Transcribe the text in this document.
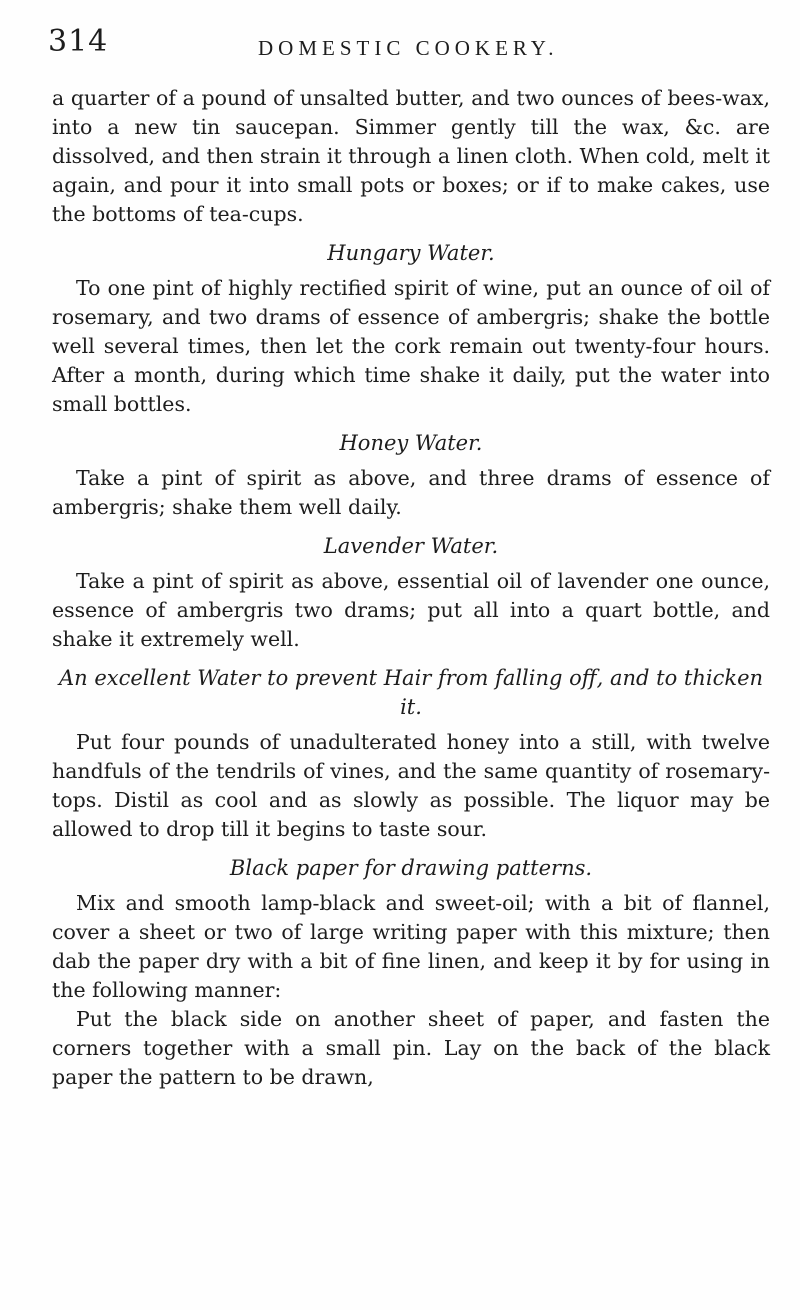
314	DOMESTIC COOKERY.

a quarter of a pound of unsalted butter, and two ounces of bees-wax, into a new tin saucepan. Simmer gently till the wax, &c. are dissolved, and then strain it through a linen cloth. When cold, melt it again, and pour it into small pots or boxes; or if to make cakes, use the bottoms of tea-cups.

Hungary Water.

To one pint of highly rectified spirit of wine, put an ounce of oil of rosemary, and two drams of essence of ambergris; shake the bottle well several times, then let the cork remain out twenty-four hours. After a month, during which time shake it daily, put the water into small bottles.

Honey Water.

Take a pint of spirit as above, and three drams of essence of ambergris; shake them well daily.

Lavender Water.

Take a pint of spirit as above, essential oil of lavender one ounce, essence of ambergris two drams; put all into a quart bottle, and shake it extremely well.

An excellent Water to prevent Hair from falling off, and to thicken it.

Put four pounds of unadulterated honey into a still, with twelve handfuls of the tendrils of vines, and the same quantity of rosemary-tops. Distil as cool and as slowly as possible. The liquor may be allowed to drop till it begins to taste sour.

Black paper for drawing patterns.

Mix and smooth lamp-black and sweet-oil; with a bit of flannel, cover a sheet or two of large writing paper with this mixture; then dab the paper dry with a bit of fine linen, and keep it by for using in the following manner:

Put the black side on another sheet of paper, and fasten the corners together with a small pin. Lay on the back of the black paper the pattern to be drawn,
